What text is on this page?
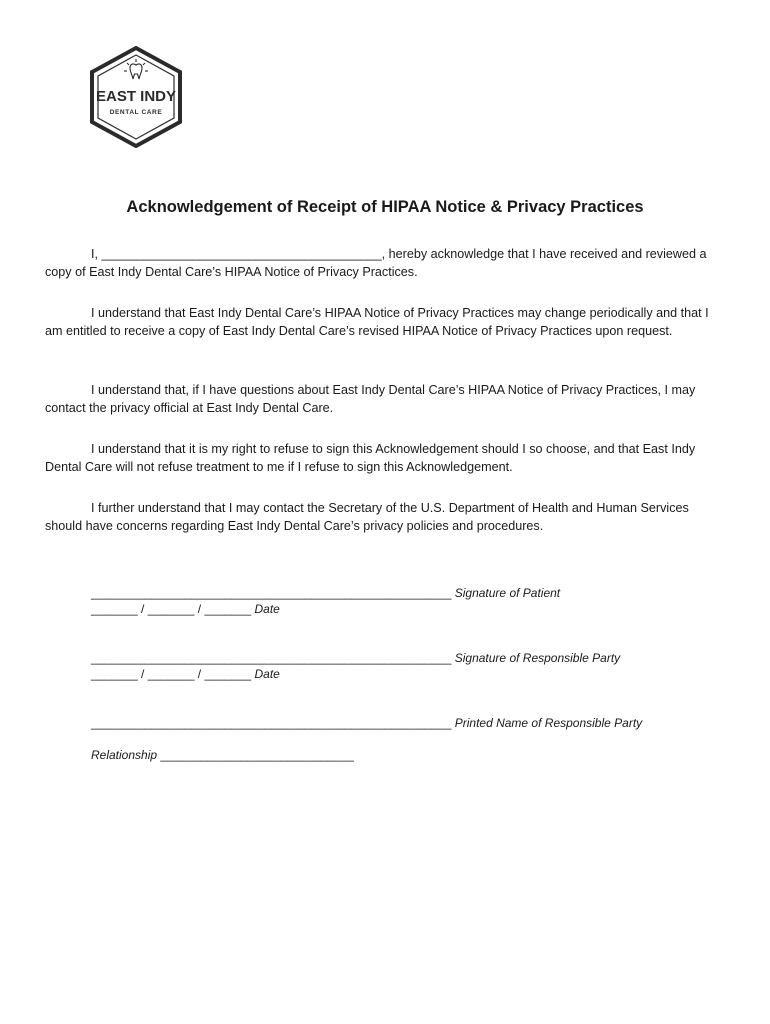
EAST INDY
DENTAL CARE
Acknowledgement of Receipt of HIPAA Notice & Privacy Practices

I, ________________________________________, hereby acknowledge that I have received and reviewed a copy of East Indy Dental Care’s HIPAA Notice of Privacy Practices.

I understand that East Indy Dental Care’s HIPAA Notice of Privacy Practices may change periodically and that I am entitled to receive a copy of East Indy Dental Care’s revised HIPAA Notice of Privacy Practices upon request.

I understand that, if I have questions about East Indy Dental Care’s HIPAA Notice of Privacy Practices, I may contact the privacy official at East Indy Dental Care.

I understand that it is my right to refuse to sign this Acknowledgement should I so choose, and that East Indy Dental Care will not refuse treatment to me if I refuse to sign this Acknowledgement.

I further understand that I may contact the Secretary of the U.S. Department of Health and Human Services should have concerns regarding East Indy Dental Care’s privacy policies and procedures.

______________________________________________________ Signature of Patient
_______ / _______ / _______ Date
______________________________________________________ Signature of Responsible Party
_______ / _______ / _______ Date
______________________________________________________ Printed Name of Responsible Party
Relationship _____________________________
